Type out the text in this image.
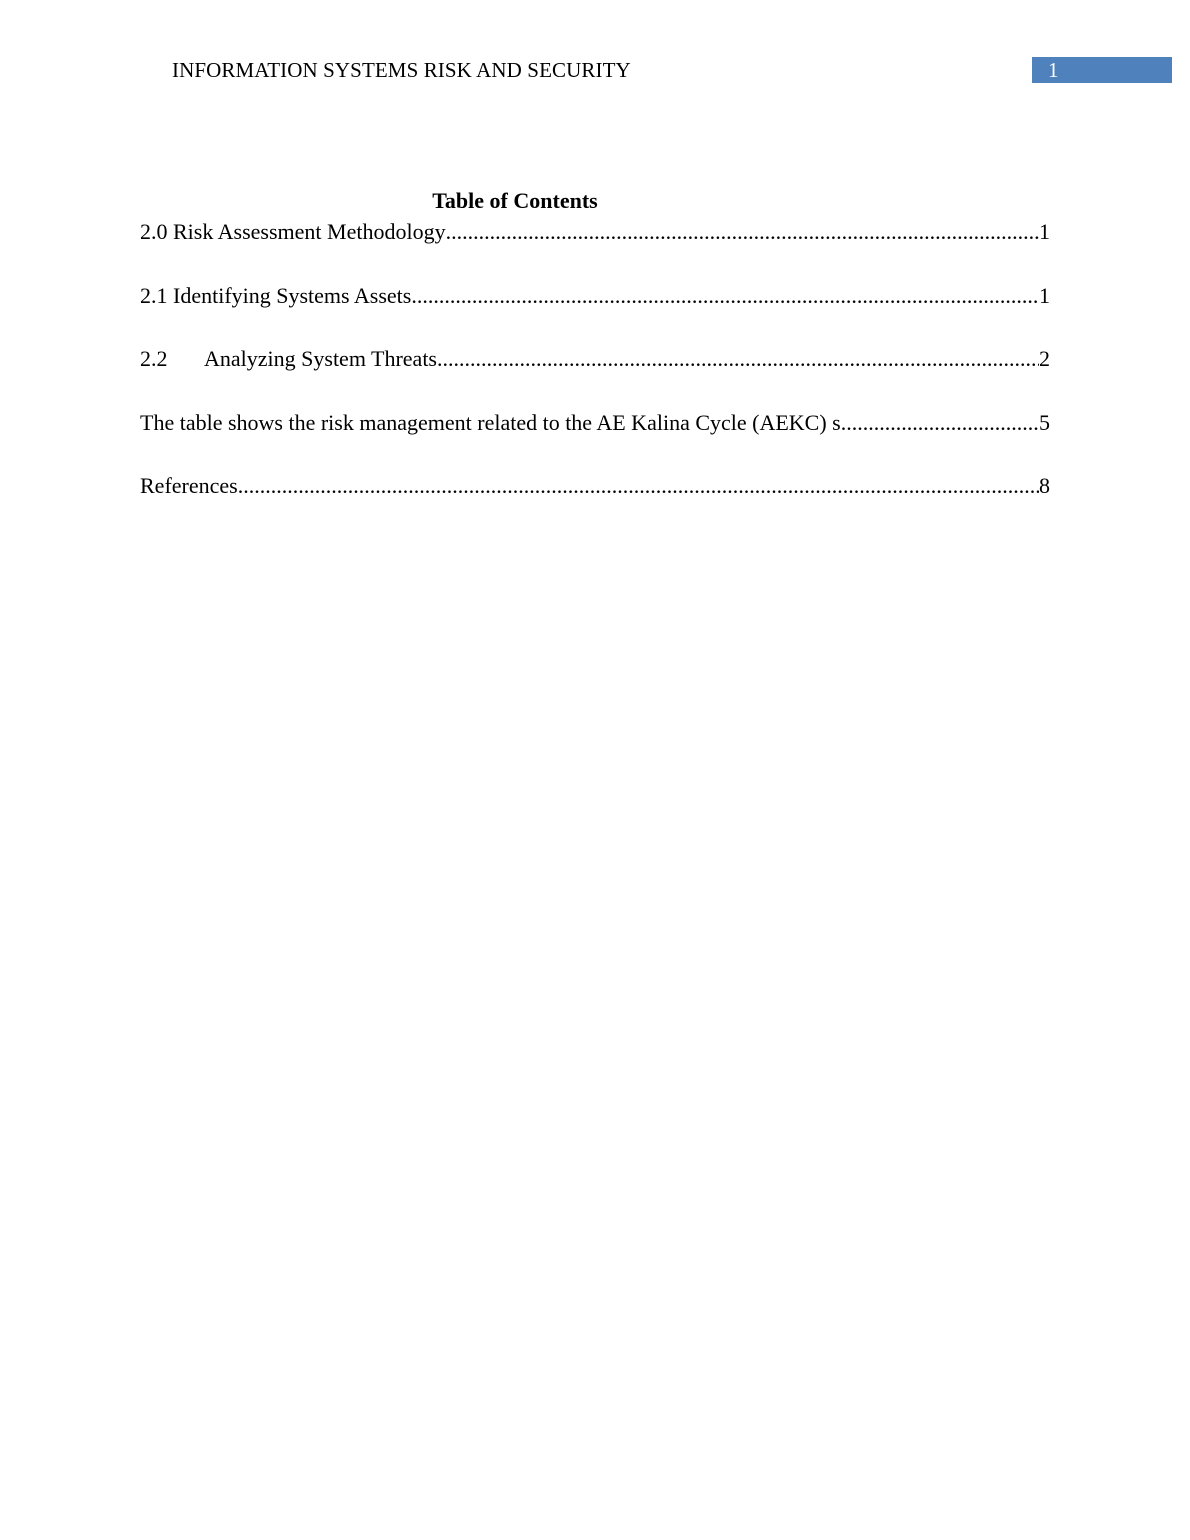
INFORMATION SYSTEMS RISK AND SECURITY	1
Table of Contents
2.0 Risk Assessment Methodology .....	1
2.1 Identifying Systems Assets .....	1
2.2	Analyzing System Threats .....	2
The table shows the risk management related to the AE Kalina Cycle (AEKC) s .....	5
References .....	8
